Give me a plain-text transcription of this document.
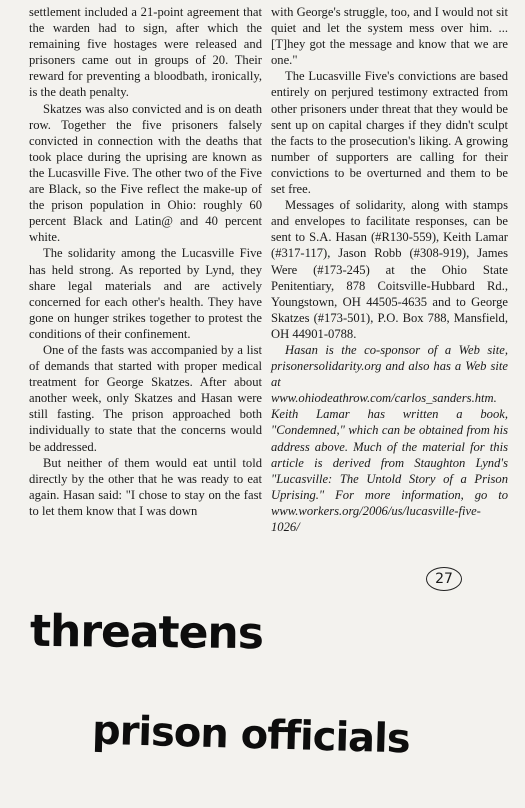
settlement included a 21-point agreement that the warden had to sign, after which the remaining five hostages were released and prisoners came out in groups of 20. Their reward for preventing a bloodbath, ironically, is the death penalty.

Skatzes was also convicted and is on death row. Together the five prisoners falsely convicted in connection with the deaths that took place during the uprising are known as the Lucasville Five. The other two of the Five are Black, so the Five reflect the make-up of the prison population in Ohio: roughly 60 percent Black and Latin@ and 40 percent white.

The solidarity among the Lucasville Five has held strong. As reported by Lynd, they share legal materials and are actively concerned for each other's health. They have gone on hunger strikes together to protest the conditions of their confinement.

One of the fasts was accompanied by a list of demands that started with proper medical treatment for George Skatzes. After about another week, only Skatzes and Hasan were still fasting. The prison approached both individually to state that the concerns would be addressed.

But neither of them would eat until told directly by the other that he was ready to eat again. Hasan said: "I chose to stay on the fast to let them know that I was down

with George's struggle, too, and I would not sit quiet and let the system mess over him. ... [T]hey got the message and know that we are one."

The Lucasville Five's convictions are based entirely on perjured testimony extracted from other prisoners under threat that they would be sent up on capital charges if they didn't sculpt the facts to the prosecution's liking. A growing number of supporters are calling for their convictions to be overturned and them to be set free.

Messages of solidarity, along with stamps and envelopes to facilitate responses, can be sent to S.A. Hasan (#R130-559), Keith Lamar (#317-117), Jason Robb (#308-919), James Were (#173-245) at the Ohio State Penitentiary, 878 Coitsville-Hubbard Rd., Youngstown, OH 44505-4635 and to George Skatzes (#173-501), P.O. Box 788, Mansfield, OH 44901-0788.

Hasan is the co-sponsor of a Web site, prisonersolidarity.org and also has a Web site at www.ohiodeathrow.com/carlos_sanders.htm. Keith Lamar has written a book, "Condemned," which can be obtained from his address above. Much of the material for this article is derived from Staughton Lynd's "Lucasville: The Untold Story of a Prison Uprising." For more information, go to www.workers.org/2006/us/lucasville-five-1026/

27
threatens
prison officials
